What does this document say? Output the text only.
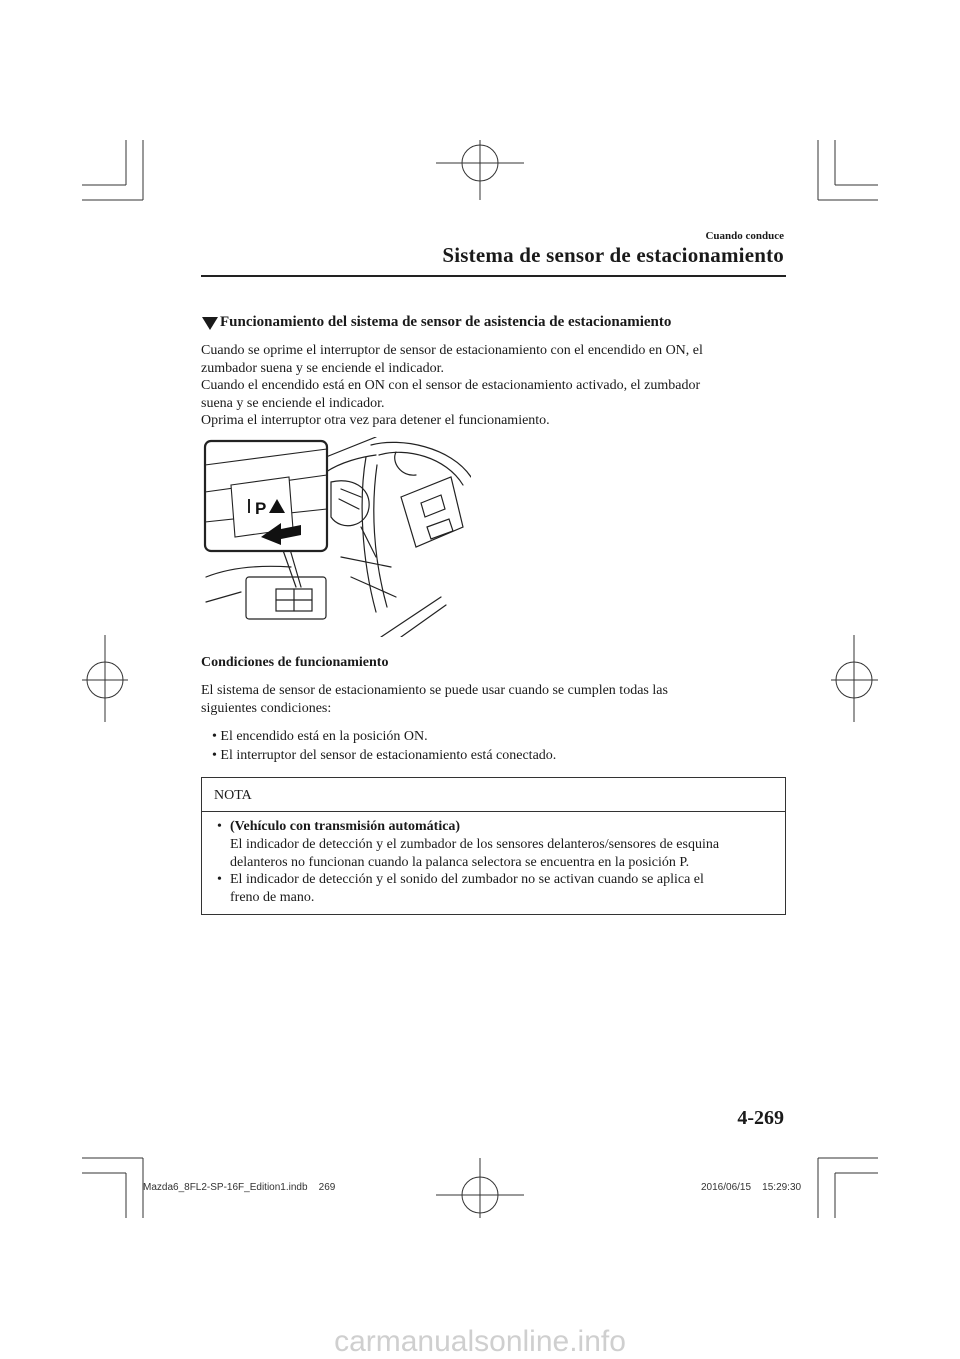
Cuando conduce
Sistema de sensor de estacionamiento
Funcionamiento del sistema de sensor de asistencia de estacionamiento

Cuando se oprime el interruptor de sensor de estacionamiento con el encendido en ON, el

zumbador suena y se enciende el indicador.

Cuando el encendido está en ON con el sensor de estacionamiento activado, el zumbador

suena y se enciende el indicador.

Oprima el interruptor otra vez para detener el funcionamiento.

P
Condiciones de funcionamiento

El sistema de sensor de estacionamiento se puede usar cuando se cumplen todas las

siguientes condiciones:

• El encendido está en la posición ON.
• El interruptor del sensor de estacionamiento está conectado.
NOTA
• (Vehículo con transmisión automática)
El indicador de detección y el zumbador de los sensores delanteros/sensores de esquina
delanteros no funcionan cuando la palanca selectora se encuentra en la posición P.
• El indicador de detección y el sonido del zumbador no se activan cuando se aplica el
freno de mano.
4-269
Mazda6_8FL2-SP-16F_Edition1.indb    269	2016/06/15    15:29:30
carmanualsonline.info
